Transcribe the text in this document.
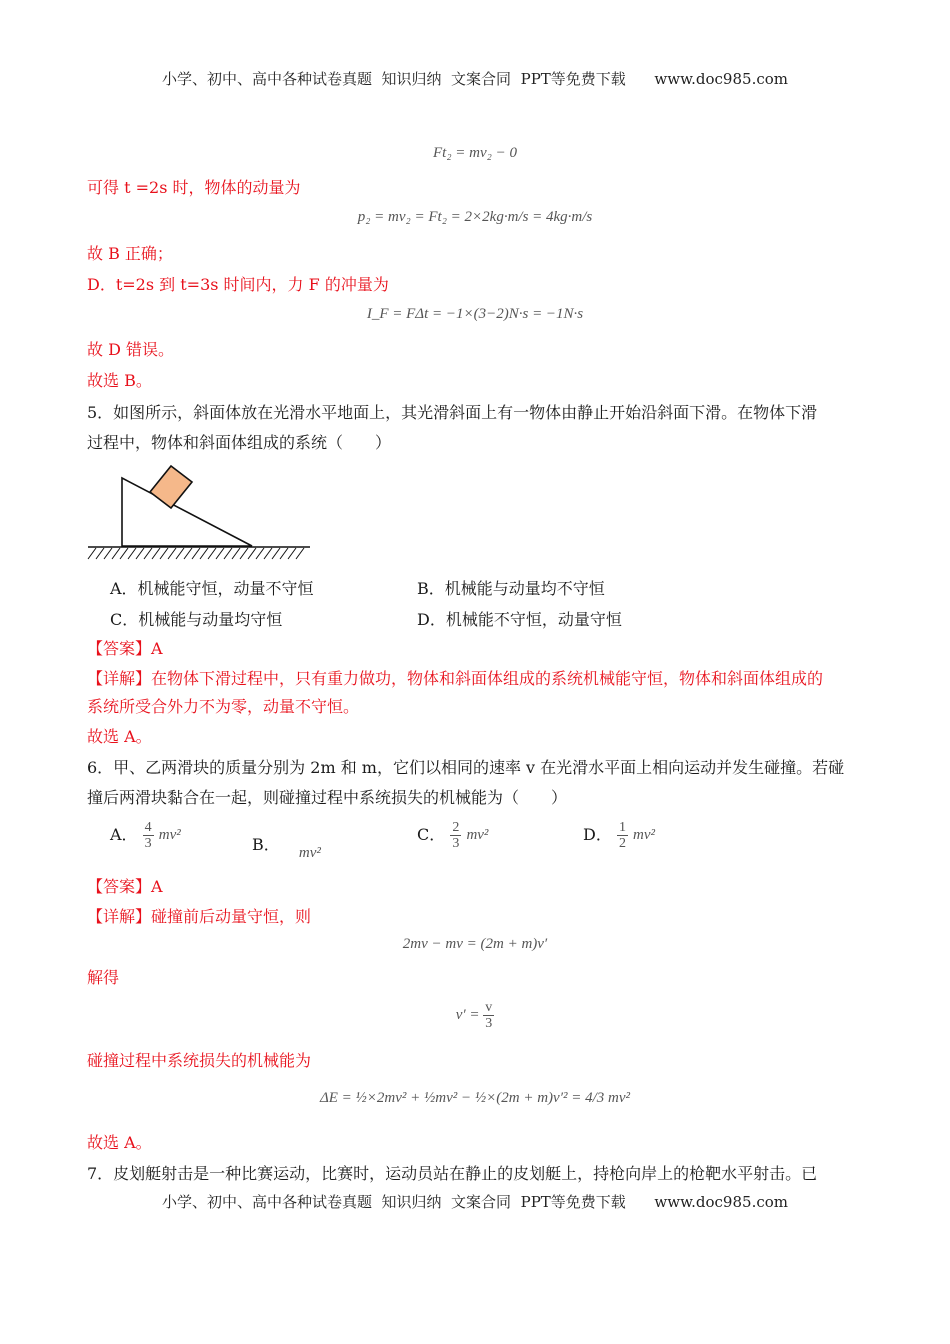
小学、初中、高中各种试卷真题  知识归纳  文案合同  PPT等免费下载      www.doc985.com
Ft₂ = mv₂ − 0
可得 t =2s 时，物体的动量为
p₂ = mv₂ = Ft₂ = 2×2kg·m/s = 4kg·m/s
故 B 正确；
D．t=2s 到 t=3s 时间内，力 F 的冲量为
I_F = FΔt = −1×(3−2)N·s = −1N·s
故 D 错误。
故选 B。
5．如图所示，斜面体放在光滑水平地面上，其光滑斜面上有一物体由静止开始沿斜面下滑。在物体下滑
过程中，物体和斜面体组成的系统（　　）
A．机械能守恒，动量不守恒	B．机械能与动量均不守恒
C．机械能与动量均守恒	D．机械能不守恒，动量守恒
【答案】A
【详解】在物体下滑过程中，只有重力做功，物体和斜面体组成的系统机械能守恒，物体和斜面体组成的
系统所受合外力不为零，动量不守恒。
故选 A。
6．甲、乙两滑块的质量分别为 2m 和 m，它们以相同的速率 v 在光滑水平面上相向运动并发生碰撞。若碰
撞后两滑块黏合在一起，则碰撞过程中系统损失的机械能为（　　）
A． $\frac{4}{3} mv^2$	B． mv²
C． $\frac{2}{3} mv^2$	D． $\frac{1}{2} mv^2$
【答案】A
【详解】碰撞前后动量守恒，则
2mv − mv = (2m + m)v′
解得
$v' = \frac{v}{3}$
碰撞过程中系统损失的机械能为
ΔE = ½×2mv² + ½mv² − ½×(2m + m)v′² = 4/3 mv²
故选 A。
7．皮划艇射击是一种比赛运动，比赛时，运动员站在静止的皮划艇上，持枪向岸上的枪靶水平射击。已
小学、初中、高中各种试卷真题  知识归纳  文案合同  PPT等免费下载      www.doc985.com
